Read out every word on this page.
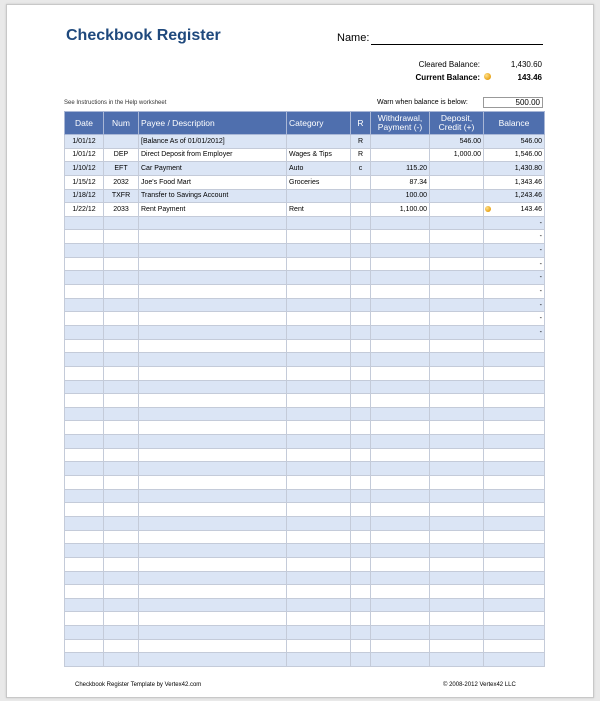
Checkbook Register	Name:
Cleared Balance:	1,430.60
Current Balance:	143.46
See Instructions in the Help worksheet	Warn when balance is below:	500.00
Date	Num	Payee / Description	Category	R	Withdrawal, Payment (-)	Deposit, Credit (+)	Balance
1/01/12		[Balance As of 01/01/2012]		R		546.00	546.00
1/01/12	DEP	Direct Deposit from Employer	Wages & Tips	R		1,000.00	1,546.00
1/10/12	EFT	Car Payment	Auto	c	115.20		1,430.80
1/15/12	2032	Joe's Food Mart	Groceries		87.34		1,343.46
1/18/12	TXFR	Transfer to Savings Account			100.00		1,243.46
1/22/12	2033	Rent Payment	Rent		1,100.00		143.46
							-
							-
							-
							-
							-
							-
							-
							-
							-

Checkbook Register Template by Vertex42.com	© 2008-2012 Vertex42 LLC
